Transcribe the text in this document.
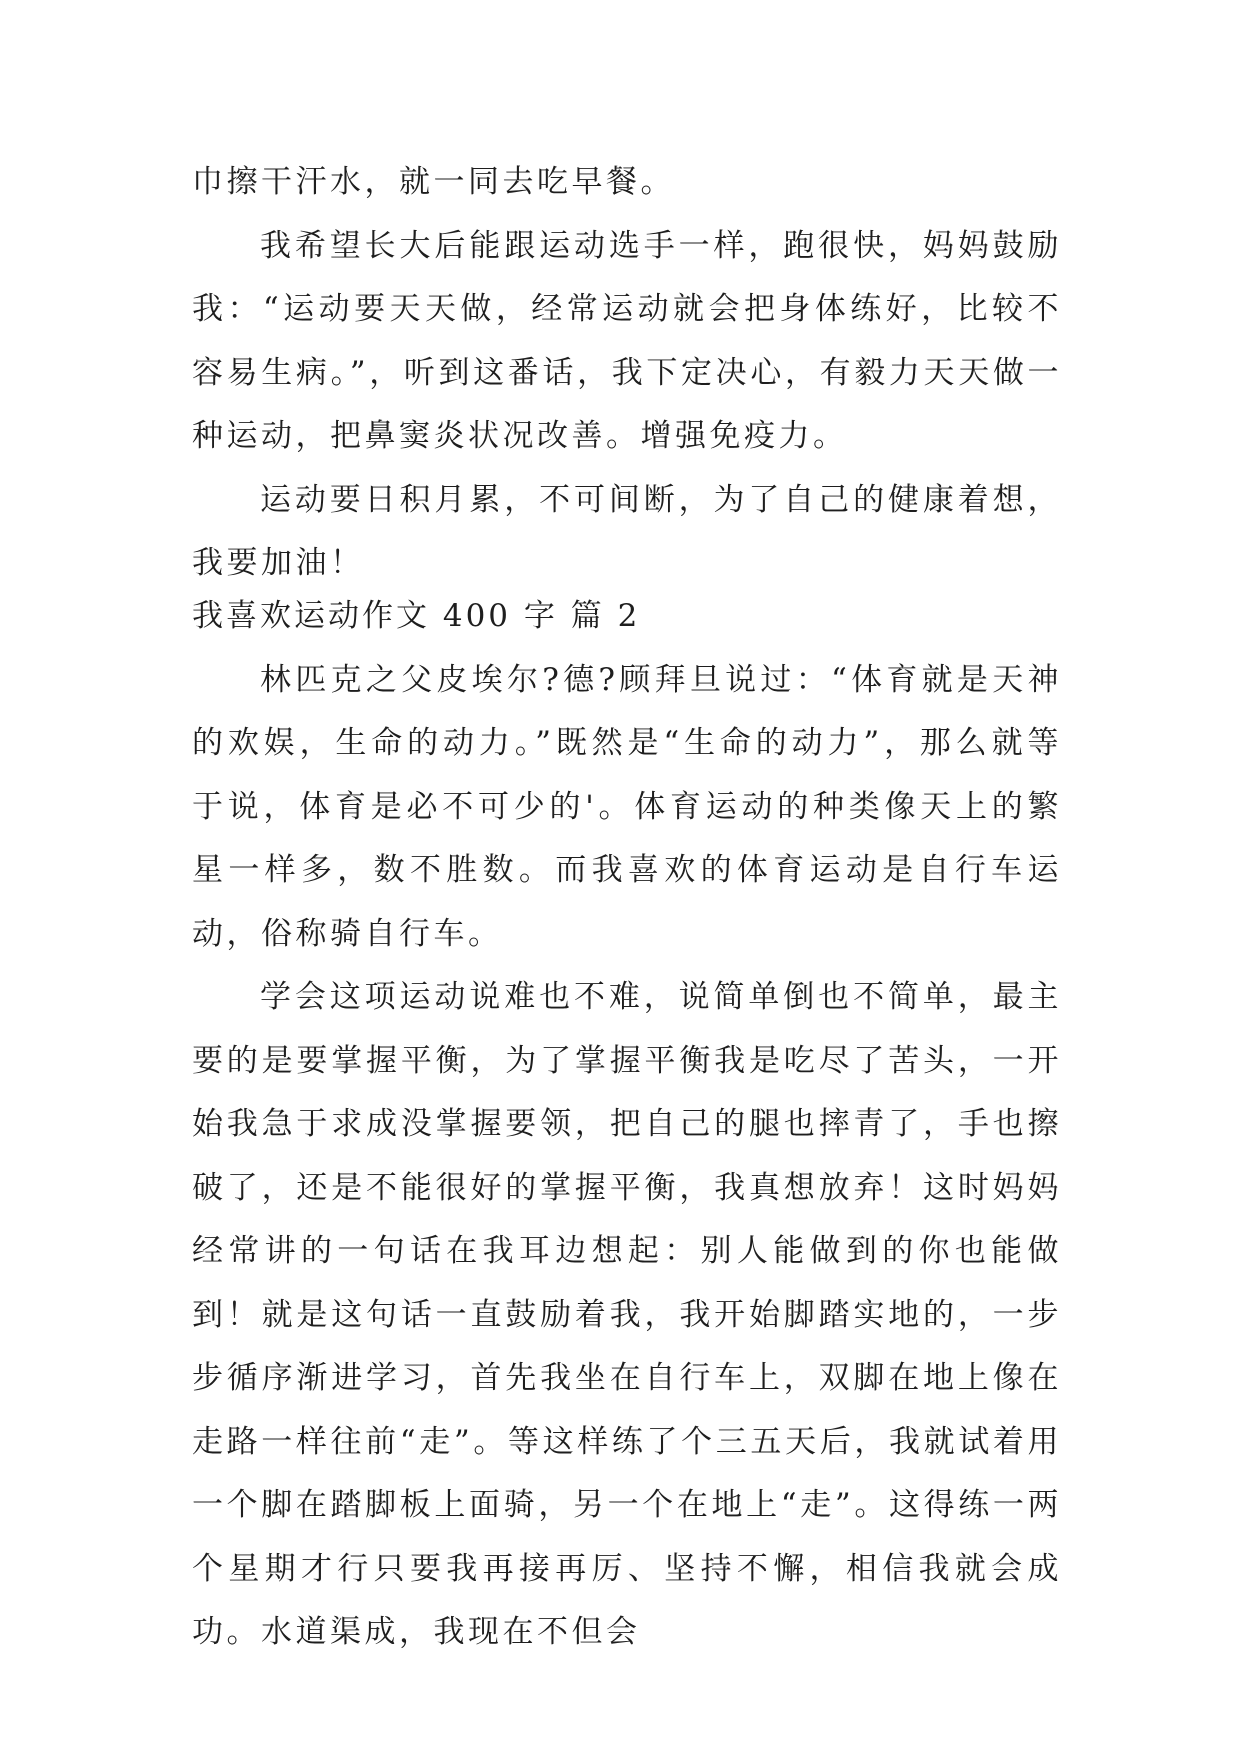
巾擦干汗水，就一同去吃早餐。

我希望长大后能跟运动选手一样，跑很快，妈妈鼓励我：“运动要天天做，经常运动就会把身体练好，比较不容易生病。”，听到这番话，我下定决心，有毅力天天做一种运动，把鼻窦炎状况改善。增强免疫力。

运动要日积月累，不可间断，为了自己的健康着想，我要加油！

我喜欢运动作文 400 字 篇 2

林匹克之父皮埃尔?德?顾拜旦说过：“体育就是天神的欢娱，生命的动力。”既然是“生命的动力”，那么就等于说，体育是必不可少的'。体育运动的种类像天上的繁星一样多，数不胜数。而我喜欢的体育运动是自行车运动，俗称骑自行车。

学会这项运动说难也不难，说简单倒也不简单，最主要的是要掌握平衡，为了掌握平衡我是吃尽了苦头，一开始我急于求成没掌握要领，把自己的腿也摔青了，手也擦破了，还是不能很好的掌握平衡，我真想放弃！这时妈妈经常讲的一句话在我耳边想起：别人能做到的你也能做到！就是这句话一直鼓励着我，我开始脚踏实地的，一步步循序渐进学习，首先我坐在自行车上，双脚在地上像在走路一样往前“走”。等这样练了个三五天后，我就试着用一个脚在踏脚板上面骑，另一个在地上“走”。这得练一两个星期才行只要我再接再厉、坚持不懈，相信我就会成功。水道渠成，我现在不但会
